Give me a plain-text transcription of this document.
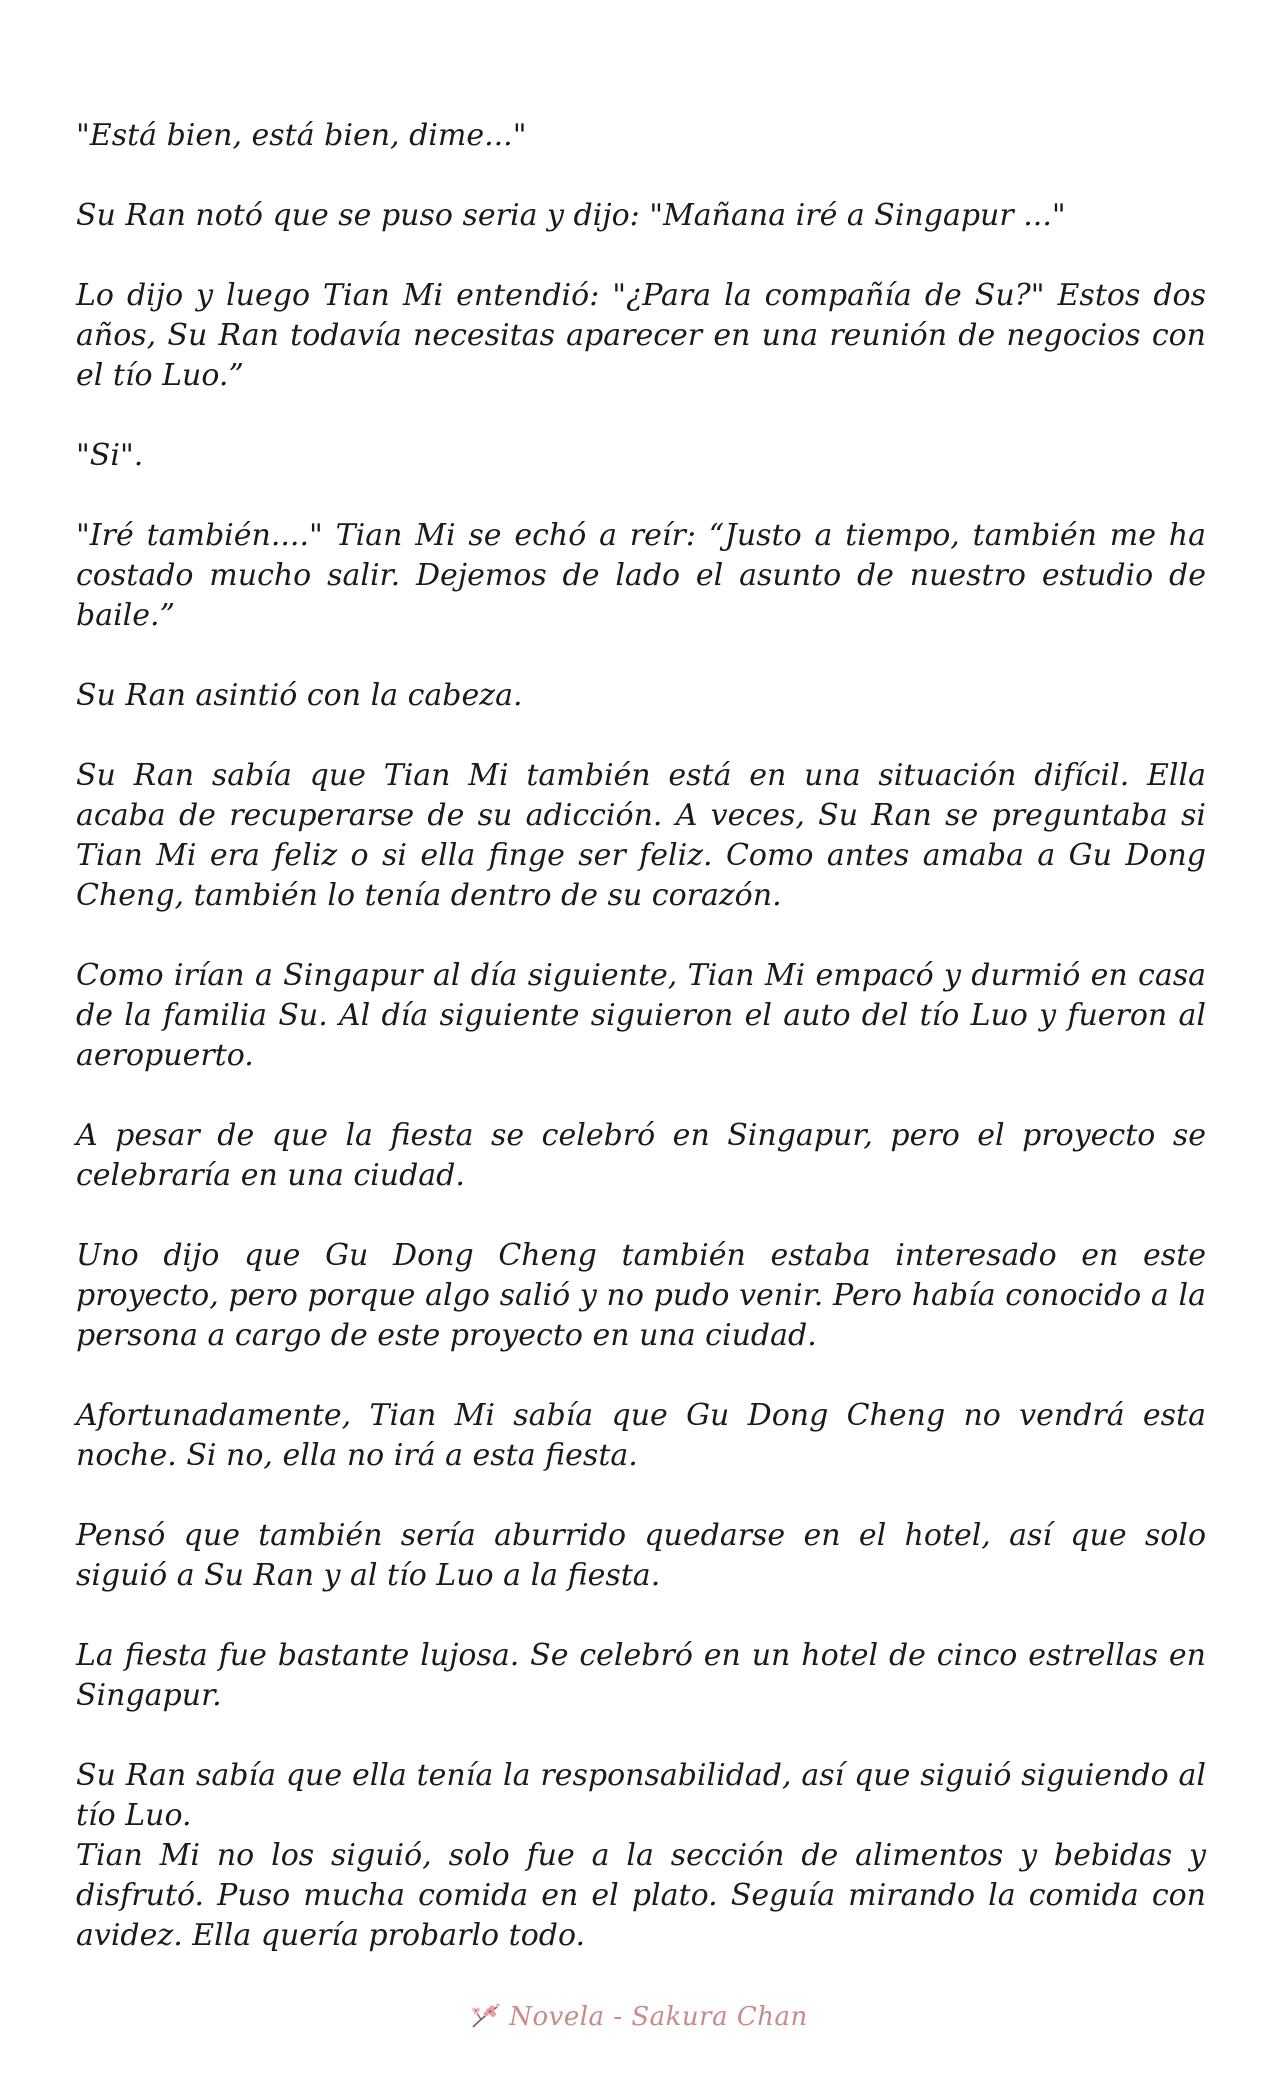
"Está bien, está bien, dime..."

Su Ran notó que se puso seria y dijo: "Mañana iré a Singapur ..."

Lo dijo y luego Tian Mi entendió: "¿Para la compañía de Su?" Estos dos años, Su Ran todavía necesitas aparecer en una reunión de negocios con el tío Luo.”

"Si".

"Iré también...." Tian Mi se echó a reír: “Justo a tiempo, también me ha costado mucho salir. Dejemos de lado el asunto de nuestro estudio de baile.”

Su Ran asintió con la cabeza.

Su Ran sabía que Tian Mi también está en una situación difícil. Ella acaba de recuperarse de su adicción. A veces, Su Ran se preguntaba si Tian Mi era feliz o si ella finge ser feliz. Como antes amaba a Gu Dong Cheng, también lo tenía dentro de su corazón.

Como irían a Singapur al día siguiente, Tian Mi empacó y durmió en casa de la familia Su. Al día siguiente siguieron el auto del tío Luo y fueron al aeropuerto.

A pesar de que la fiesta se celebró en Singapur, pero el proyecto se celebraría en una ciudad.

Uno dijo que Gu Dong Cheng también estaba interesado en este proyecto, pero porque algo salió y no pudo venir. Pero había conocido a la persona a cargo de este proyecto en una ciudad.

Afortunadamente, Tian Mi sabía que Gu Dong Cheng no vendrá esta noche. Si no, ella no irá a esta fiesta.

Pensó que también sería aburrido quedarse en el hotel, así que solo siguió a Su Ran y al tío Luo a la fiesta.

La fiesta fue bastante lujosa. Se celebró en un hotel de cinco estrellas en Singapur.

Su Ran sabía que ella tenía la responsabilidad, así que siguió siguiendo al tío Luo.

Tian Mi no los siguió, solo fue a la sección de alimentos y bebidas y disfrutó. Puso mucha comida en el plato. Seguía mirando la comida con avidez. Ella quería probarlo todo.

Novela - Sakura Chan
